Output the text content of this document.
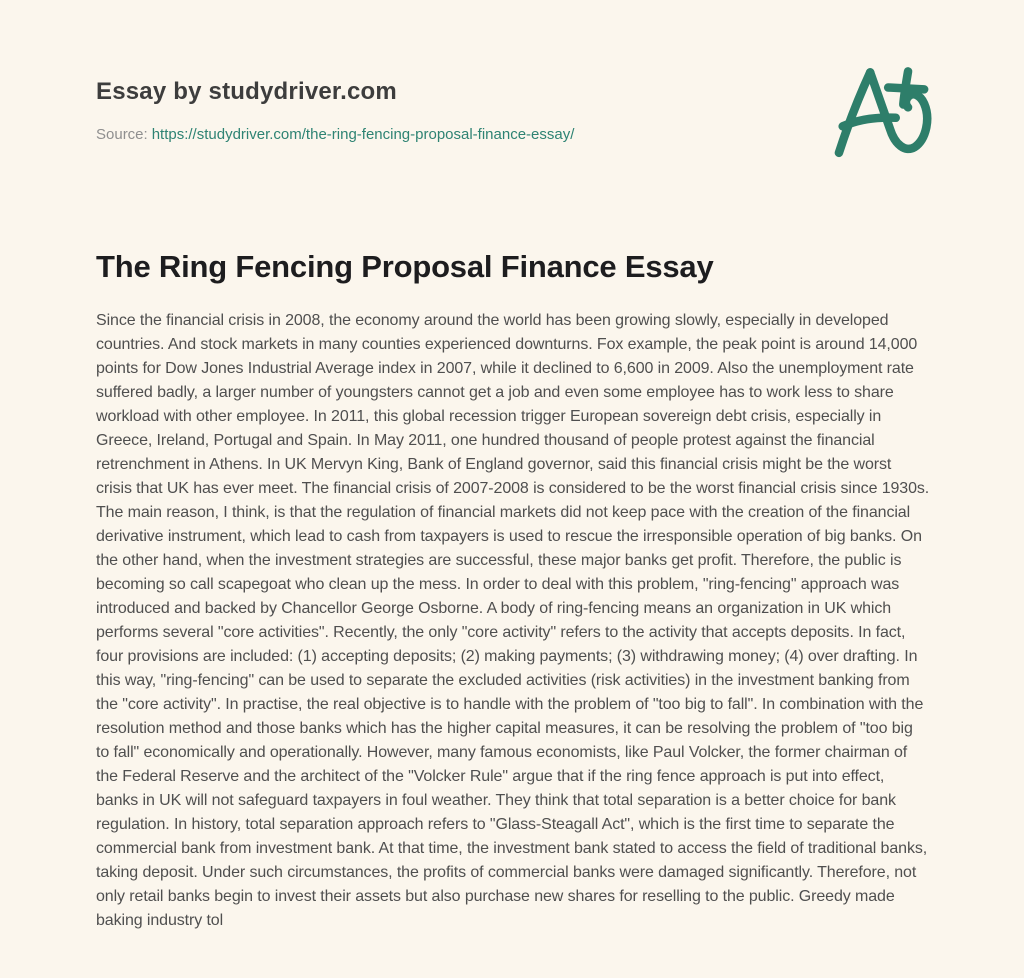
Essay by studydriver.com
Source: https://studydriver.com/the-ring-fencing-proposal-finance-essay/
The Ring Fencing Proposal Finance Essay

Since the financial crisis in 2008, the economy around the world has been growing slowly, especially in developed countries. And stock markets in many counties experienced downturns. Fox example, the peak point is around 14,000 points for Dow Jones Industrial Average index in 2007, while it declined to 6,600 in 2009. Also the unemployment rate suffered badly, a larger number of youngsters cannot get a job and even some employee has to work less to share workload with other employee. In 2011, this global recession trigger European sovereign debt crisis, especially in Greece, Ireland, Portugal and Spain. In May 2011, one hundred thousand of people protest against the financial retrenchment in Athens. In UK Mervyn King, Bank of England governor, said this financial crisis might be the worst crisis that UK has ever meet. The financial crisis of 2007-2008 is considered to be the worst financial crisis since 1930s. The main reason, I think, is that the regulation of financial markets did not keep pace with the creation of the financial derivative instrument, which lead to cash from taxpayers is used to rescue the irresponsible operation of big banks. On the other hand, when the investment strategies are successful, these major banks get profit. Therefore, the public is becoming so call scapegoat who clean up the mess. In order to deal with this problem, "ring-fencing" approach was introduced and backed by Chancellor George Osborne. A body of ring-fencing means an organization in UK which performs several "core activities". Recently, the only "core activity" refers to the activity that accepts deposits. In fact, four provisions are included: (1) accepting deposits; (2) making payments; (3) withdrawing money; (4) over drafting. In this way, "ring-fencing" can be used to separate the excluded activities (risk activities) in the investment banking from the "core activity". In practise, the real objective is to handle with the problem of "too big to fall". In combination with the resolution method and those banks which has the higher capital measures, it can be resolving the problem of "too big to fall" economically and operationally. However, many famous economists, like Paul Volcker, the former chairman of the Federal Reserve and the architect of the "Volcker Rule" argue that if the ring fence approach is put into effect, banks in UK will not safeguard taxpayers in foul weather. They think that total separation is a better choice for bank regulation. In history, total separation approach refers to "Glass-Steagall Act", which is the first time to separate the commercial bank from investment bank. At that time, the investment bank stated to access the field of traditional banks, taking deposit. Under such circumstances, the profits of commercial banks were damaged significantly. Therefore, not only retail banks begin to invest their assets but also purchase new shares for reselling to the public. Greedy made baking industry tol
